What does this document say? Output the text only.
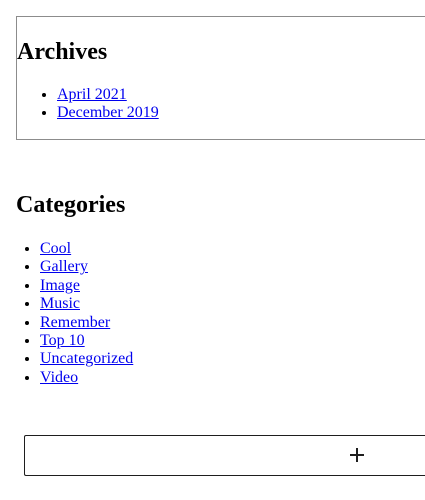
Archives
• April 2021
• December 2019
Categories
• Cool
• Gallery
• Image
• Music
• Remember
• Top 10
• Uncategorized
• Video
